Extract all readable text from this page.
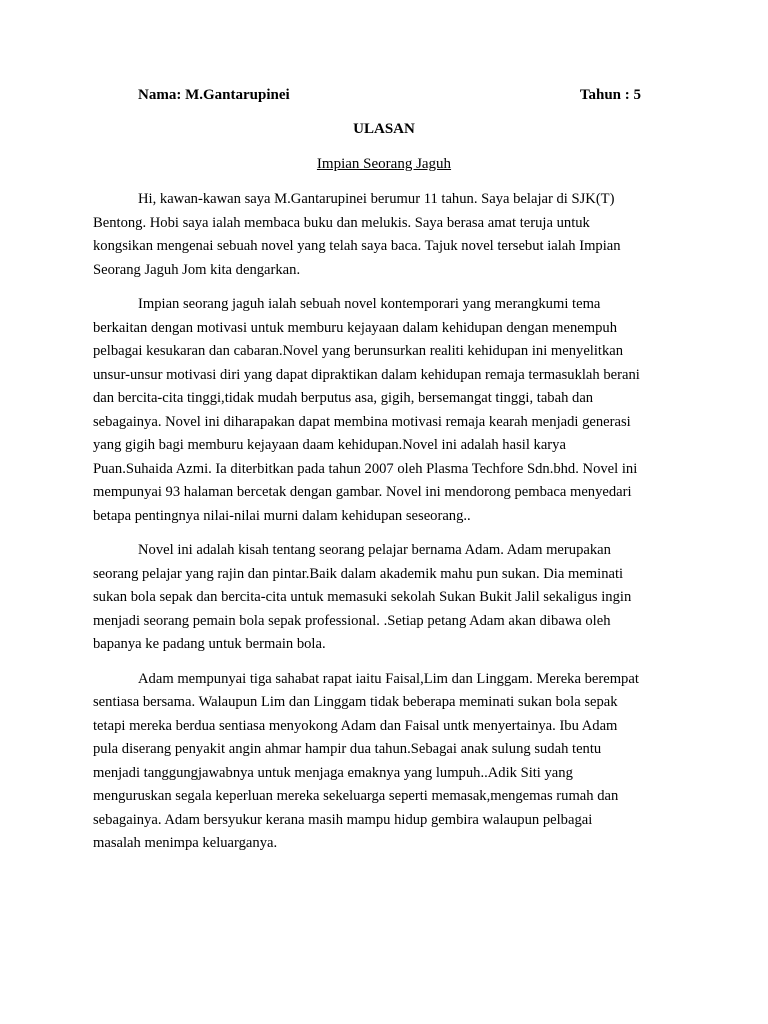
Nama: M.Gantarupinei	Tahun : 5
ULASAN
Impian Seorang Jaguh

Hi, kawan-kawan saya M.Gantarupinei berumur 11 tahun. Saya belajar di SJK(T)
Bentong. Hobi saya ialah membaca buku dan melukis. Saya berasa amat teruja untuk
kongsikan mengenai sebuah novel yang telah saya baca. Tajuk novel tersebut ialah Impian
Seorang Jaguh Jom kita dengarkan.

Impian seorang jaguh ialah sebuah novel kontemporari yang merangkumi tema
berkaitan dengan motivasi untuk memburu kejayaan dalam kehidupan dengan menempuh
pelbagai kesukaran dan cabaran.Novel yang berunsurkan realiti kehidupan ini menyelitkan
unsur-unsur motivasi diri yang dapat dipraktikan dalam kehidupan remaja termasuklah berani
dan bercita-cita tinggi,tidak mudah berputus asa, gigih, bersemangat tinggi, tabah dan
sebagainya. Novel ini diharapakan dapat membina motivasi remaja kearah menjadi generasi
yang gigih bagi memburu kejayaan daam kehidupan.Novel ini adalah hasil karya
Puan.Suhaida Azmi. Ia diterbitkan pada tahun 2007 oleh Plasma Techfore Sdn.bhd. Novel ini
mempunyai 93 halaman bercetak dengan gambar. Novel ini mendorong pembaca menyedari
betapa pentingnya nilai-nilai murni dalam kehidupan seseorang..

Novel ini adalah kisah tentang seorang pelajar bernama Adam. Adam merupakan
seorang pelajar yang rajin dan pintar.Baik dalam akademik mahu pun sukan. Dia meminati
sukan bola sepak dan bercita-cita untuk memasuki sekolah Sukan Bukit Jalil sekaligus ingin
menjadi seorang pemain bola sepak professional. .Setiap petang Adam akan dibawa oleh
bapanya ke padang untuk bermain bola.

Adam mempunyai tiga sahabat rapat iaitu Faisal,Lim dan Linggam. Mereka berempat
sentiasa bersama. Walaupun Lim dan Linggam tidak beberapa meminati sukan bola sepak
tetapi mereka berdua sentiasa menyokong Adam dan Faisal untk menyertainya. Ibu Adam
pula diserang penyakit angin ahmar hampir dua tahun.Sebagai anak sulung sudah tentu
menjadi tanggungjawabnya untuk menjaga emaknya yang lumpuh..Adik Siti yang
menguruskan segala keperluan mereka sekeluarga seperti memasak,mengemas rumah dan
sebagainya. Adam bersyukur kerana masih mampu hidup gembira walaupun pelbagai
masalah menimpa keluarganya.
